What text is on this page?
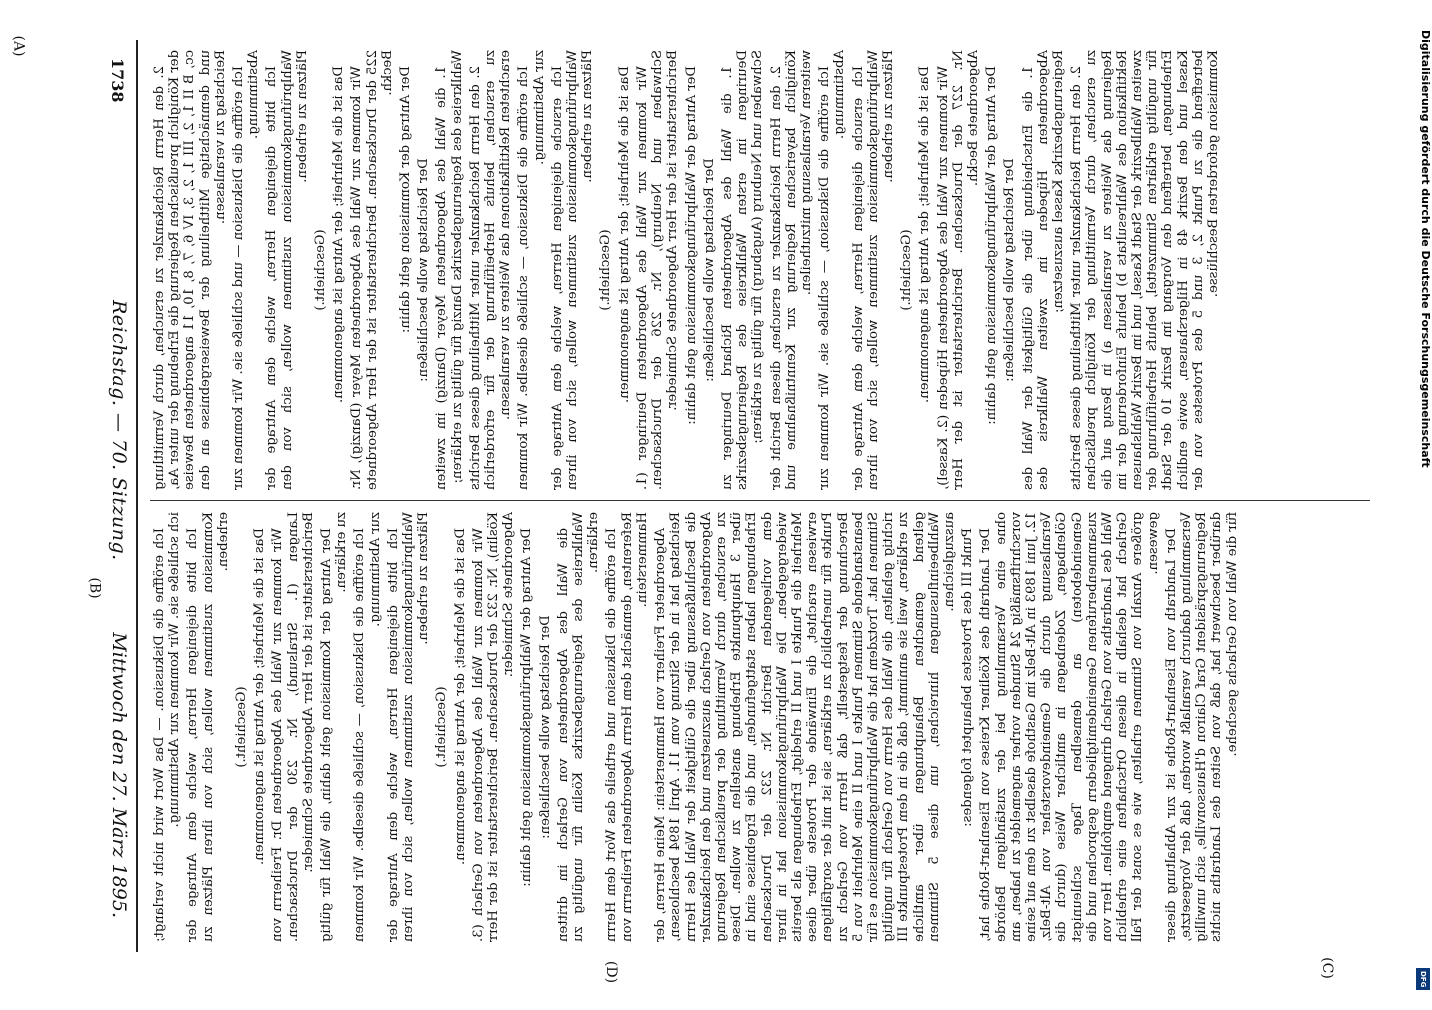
1738
Reichstag. — 70. Sitzung.
Mittwoch den 27. März 1895.

2. den Herrn Reichskanzler zu ersuchen, durch Vermittlung der Königlich preußischen Regierung die Erhebung der unter Aa, cc, B II 1, 2, III 1, 2, 3, IV 6, 7, 8, 10, 11 angeordneten Beweise und demnächstige Mittheilung der Beweisergebnisse an den Reichstag zu veranlassen. Ich eröffne die Diskussion — und schließe sie. Wir kommen zur Abstimmung. Ich bitte diejenigen Herren, welche dem Antrage der Wahlprüfungskommission zustimmen wollen, sich von den Plätzen zu erheben.

(Geschieht.) Das ist die Mehrheit; der Antrag ist angenommen. Wir kommen zur Wahl des Abgeordneten Meyer (Danzig), Nr. 225 der Drucksachen. Berichterstatter ist der Herr Abgeordnete Beckh. Der Antrag der Kommission geht dahin: Der Reichstag wolle beschließen: 1. die Wahl des Abgeordneten Meyer (Danzig) im zweiten Wahlkreise des Regierungsbezirks Danzig für gültig zu erklären; 2. den Herrn Reichskanzler unter Mittheilung dieses Berichts zu ersuchen, behufs Herbeiführung der für erforderlich erachteten Rektifikationen das Weitere zu veranlassen. Ich eröffne die Diskussion, — schließe dieselbe. Wir kommen zur Abstimmung. Ich ersuche diejenigen Herren, welche dem Antrage der Wahlprüfungskommission zustimmen wollen, sich von ihren Plätzen zu erheben.

(Geschieht.) Das ist die Mehrheit; der Antrag ist angenommen. Wir kommen zur Wahl des Abgeordneten Deuringer (1. Schwaben und Neuburg), Nr. 226 der Drucksachen. Berichterstatter ist der Herr Abgeordnete Schmieder. Der Antrag der Wahlprüfungskommission geht dahin: Der Reichstag wolle beschließen: 1. die Wahl des Abgeordneten Richard Deuringer zu Deuringen im ersten Wahlkreise des Regierungsbezirks Schwaben und Neuburg (Augsburg) für gültig zu erklären; 2. den Herrn Reichskanzler zu ersuchen, diesen Bericht der Königlich bayerischen Regierung zur Kenntnißnahme und weiteren Veranlassung mitzutheilen. Ich eröffne die Diskussion, — schließe sie. Wir kommen zur Abstimmung. Ich ersuche diejenigen Herren, welche dem Antrage der Wahlprüfungskommission zustimmen wollen, sich von ihren Plätzen zu erheben.

(Geschieht.) Das ist die Mehrheit; der Antrag ist angenommen. Wir kommen zur Wahl des Abgeordneten Hüpeden (2. Kassel), Nr. 227 der Drucksachen. Berichterstatter ist der Herr Abgeordnete Beckh. Der Antrag der Wahlprüfungskommission geht dahin: Der Reichstag wolle beschließen: 1. die Entscheidung über die Gültigkeit der Wahl des Abgeordneten Hüpeden im zweiten Wahlkreis des Regierungsbezirks Kassel auszusetzen; 2. den Herrn Reichskanzler unter Mittheilung dieses Berichts zu ersuchen, durch Vermittlung der Königlich preußischen Regierung das Weitere zu veranlassen a) in Bezug auf die Rektifikation des Wahlresultats b) behufs Einforderung der im zweiten Wahlbezirk der Stadt Kassel, und im Bezirk Wahlshausen für ungültig erklärten Stimmzettel, behufs Herbeiführung der Erhebungen, betreffend den Vorgang im Bezirk 10 der Stadt Kassel und den Bezirk 48 in Hilgershausen, sowie endlich betreffend die zu Punkt 2, 3 und 5 des Protestes von der Kommission geforderten Beschlüsse.

Ich eröffne die Diskussion. — Das Wort wird nicht verlangt; ich schließe sie. Wir kommen zur Abstimmung. Ich bitte diejenigen Herren, welche dem Antrage der Kommission zustimmen wollen, sich von ihren Plätzen zu erheben.

(Geschieht.) Das ist die Mehrheit; der Antrag ist angenommen. Wir kommen zur Wahl des Abgeordneten Dr. Freiherrn von Langen (1. Stralsund), Nr. 230 der Drucksachen. Berichterstatter ist der Herr Abgeordnete Schmieder. Der Antrag der Kommission geht dahin, die Wahl für gültig zu erklären. Ich eröffne die Diskussion, — schließe dieselbe. Wir kommen zur Abstimmung. Ich bitte diejenigen Herren, welche dem Antrage der Wahlprüfungskommission zustimmen wollen, sich von ihren Plätzen zu erheben.

(Geschieht.) Das ist die Mehrheit; der Antrag ist angenommen. Wir kommen zur Wahl des Abgeordneten von Gerlach (3. Köslin), Nr. 232 der Drucksachen. Berichterstatter ist der Herr Abgeordnete Schmieder. Der Antrag der Wahlprüfungskommission geht dahin: Der Reichstag wolle beschließen: die Wahl des Abgeordneten von Gerlach im dritten Wahlkreise des Regierungsbezirks Köslin für ungültig zu erklären. Ich eröffne die Diskussion und ertheile das Wort dem Herrn Referenten, demnächst dem Herrn Abgeordneten Freiherrn von Hammerstein. Abgeordneter Freiherr von Hammerstein: Meine Herren, der Reichstag hat in der Sitzung vom 11. April 1894 beschlossen, die Beschlußfassung über die Gültigkeit der Wahl des Herrn Abgeordneten von Gerlach auszusetzen und den Reichskanzler zu ersuchen, durch Vermittlung der preußischen Regierung über 3 Hauptpunkte Erhebung anstellen zu wollen. Diese Erhebungen haben stattgefunden, und die Ergebnisse sind in dem vorliegenden Bericht Nr. 232 der Drucksachen wiedergegeben. Die Wahlprüfungskommission hat in ihrer Mehrheit die Punkte I und II erledigt, Erhebungen als bereits erwiesen erachtet, die Einwände der Proteste über diese Punkte für unerheblich zu erklären, sie ist mit der sorgfältigen Berechnung der festgestellt, daß Herrn von Gerlach zu beanstandende Stimmen Punkte I und II eine Mehrheit von 5 Stimmen hat. Trotzdem hat die Wahlprüfungskommission es für richtig gehalten, die Wahl des Herrn von Gerlach für ungültig zu erklären, weil sie annimmt, daß die in dem Protestpunkte III geltend gemachten Behauptungen über amtliche Wahlbeeinflussungen hinreichen, um diese 5 Stimmen auszugleichen. Punkt III des Protestes behauptet folgendes: Der Landrath des Kösliner Kreises von Eisenhart-Rothe hat, ohne eine Versammlung bei der zuständigen Behörde vorschriftsmäßig 24 Stunden vorher angemeldet zu haben, am 12. Juni 1893 in Alt-Belz im Gasthofe daselbst zu dem auf seine Veranlassung durch die Gemeindevorsteher von Alt-Belz, Gölenbagen, Zodenbagen in amtlicher Weise (durch die Gemeindeboten) an demselben Tage schleunigst zusammenberufenen Gemeindemitgliedern gesprochen und die Wahl des Landraths von Gerlach dringend empfohlen. Herr von Gerlach hat deshalb in diesen Ortschaften eine erheblich größere Anzahl von Stimmen erhalten, wie es sonst der Fall gewesen. Der Landrath von Eisenhart-Rothe ist zur Abhaltung dieser Versammlung dadurch veranlaßt worden, daß der Vorgesetzte, Regierungspräsident Graf Clairon d'Haussonville, sich unwillig darüber beschwert hat, daß von Seiten des Landraths nichts für die Wahl von Gerlachs geschehe.

(A)
(B)
(C)
(D)
Digitalisierung gefördert durch die Deutsche Forschungsgemeinschaft
DFG
